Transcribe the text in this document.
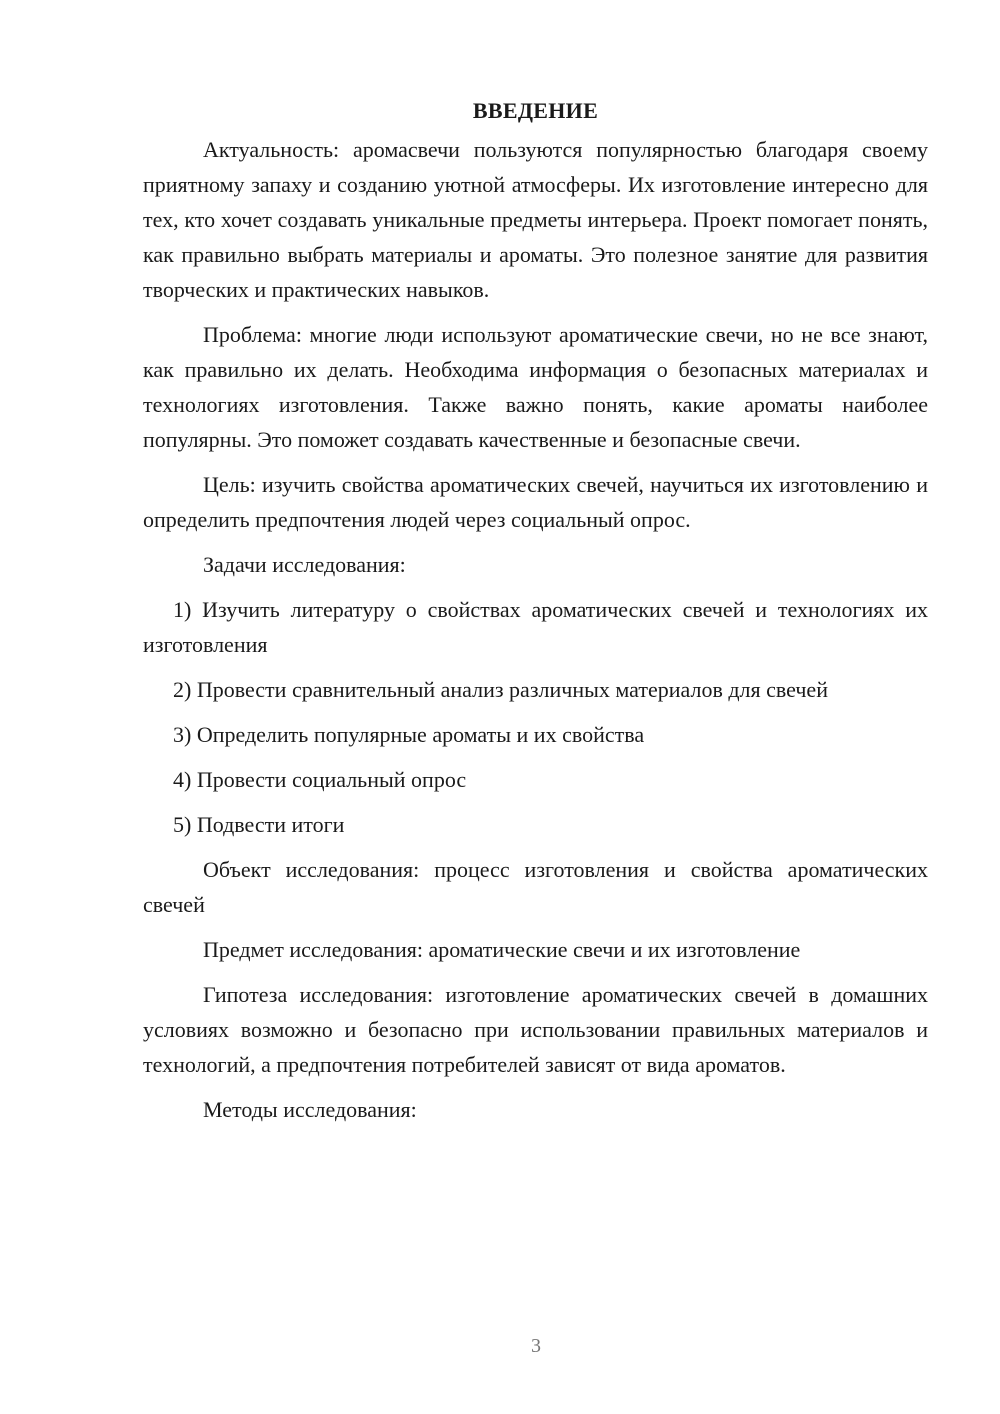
ВВЕДЕНИЕ

Актуальность: аромасвечи пользуются популярностью благодаря своему приятному запаху и созданию уютной атмосферы. Их изготовление интересно для тех, кто хочет создавать уникальные предметы интерьера. Проект помогает понять, как правильно выбрать материалы и ароматы. Это полезное занятие для развития творческих и практических навыков.

Проблема: многие люди используют ароматические свечи, но не все знают, как правильно их делать. Необходима информация о безопасных материалах и технологиях изготовления. Также важно понять, какие ароматы наиболее популярны. Это поможет создавать качественные и безопасные свечи.

Цель: изучить свойства ароматических свечей, научиться их изготовлению и определить предпочтения людей через социальный опрос.

Задачи исследования:

1) Изучить литературу о свойствах ароматических свечей и технологиях их изготовления

2) Провести сравнительный анализ различных материалов для свечей

3) Определить популярные ароматы и их свойства

4) Провести социальный опрос

5) Подвести итоги

Объект исследования: процесс изготовления и свойства ароматических свечей

Предмет исследования: ароматические свечи и их изготовление

Гипотеза исследования: изготовление ароматических свечей в домашних условиях возможно и безопасно при использовании правильных материалов и технологий, а предпочтения потребителей зависят от вида ароматов.

Методы исследования:

3
